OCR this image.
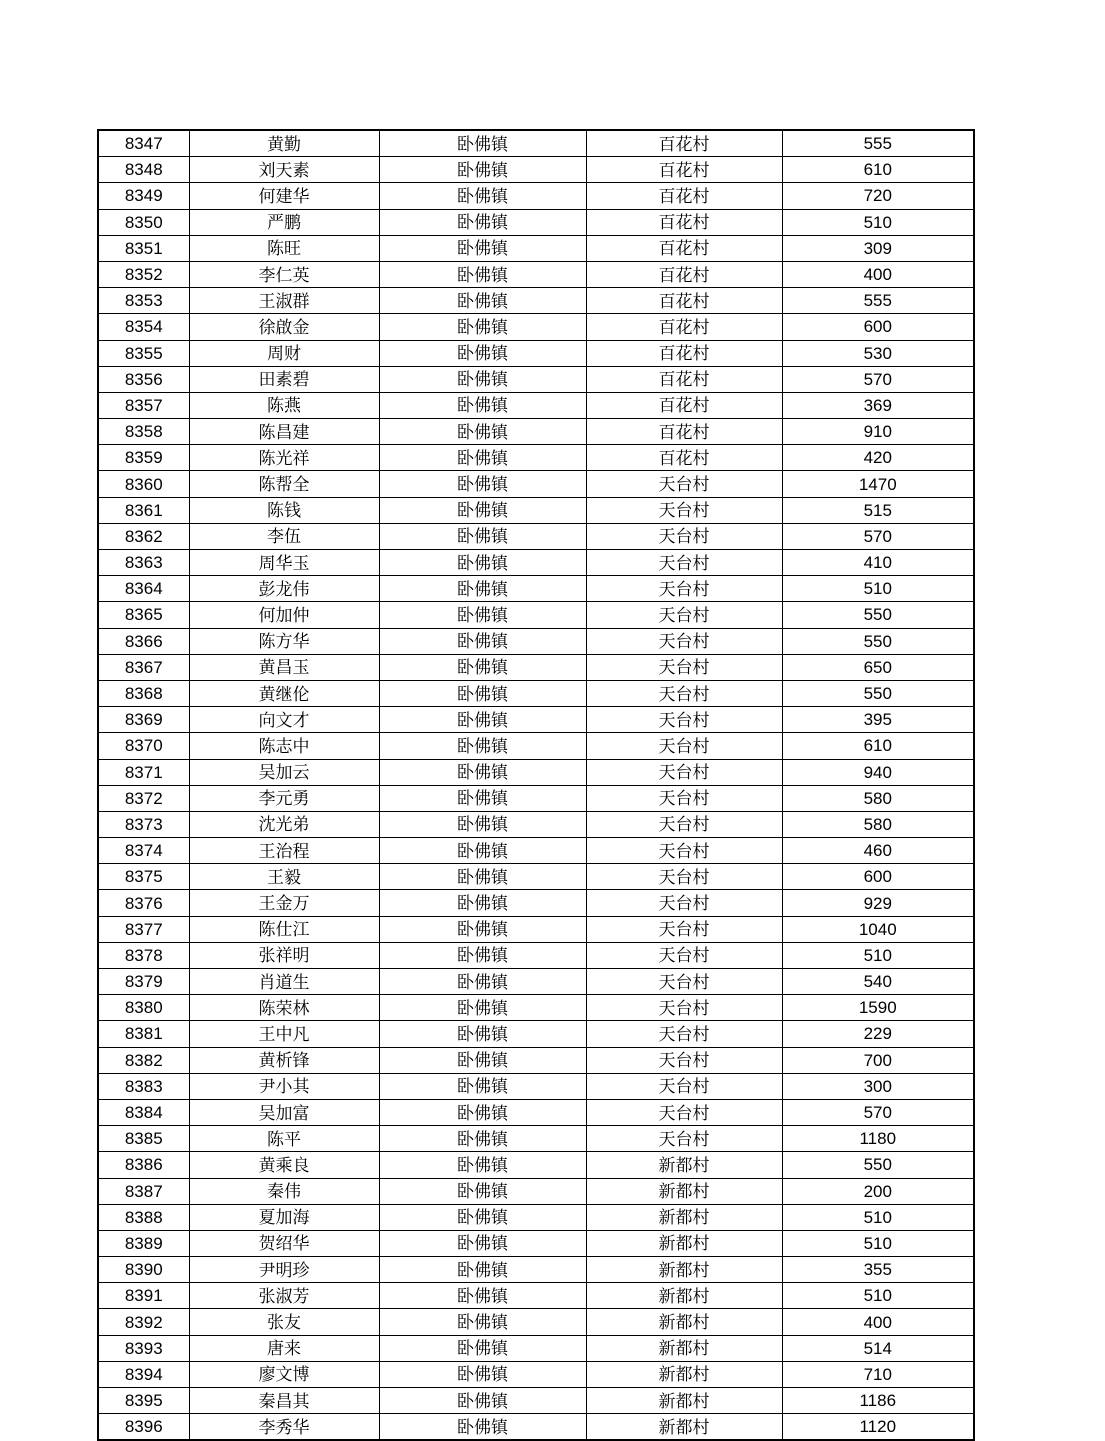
8347	黄勤	卧佛镇	百花村	555
8348	刘天素	卧佛镇	百花村	610
8349	何建华	卧佛镇	百花村	720
8350	严鹏	卧佛镇	百花村	510
8351	陈旺	卧佛镇	百花村	309
8352	李仁英	卧佛镇	百花村	400
8353	王淑群	卧佛镇	百花村	555
8354	徐啟金	卧佛镇	百花村	600
8355	周财	卧佛镇	百花村	530
8356	田素碧	卧佛镇	百花村	570
8357	陈燕	卧佛镇	百花村	369
8358	陈昌建	卧佛镇	百花村	910
8359	陈光祥	卧佛镇	百花村	420
8360	陈帮全	卧佛镇	天台村	1470
8361	陈钱	卧佛镇	天台村	515
8362	李伍	卧佛镇	天台村	570
8363	周华玉	卧佛镇	天台村	410
8364	彭龙伟	卧佛镇	天台村	510
8365	何加仲	卧佛镇	天台村	550
8366	陈方华	卧佛镇	天台村	550
8367	黄昌玉	卧佛镇	天台村	650
8368	黄继伦	卧佛镇	天台村	550
8369	向文才	卧佛镇	天台村	395
8370	陈志中	卧佛镇	天台村	610
8371	吴加云	卧佛镇	天台村	940
8372	李元勇	卧佛镇	天台村	580
8373	沈光弟	卧佛镇	天台村	580
8374	王治程	卧佛镇	天台村	460
8375	王毅	卧佛镇	天台村	600
8376	王金万	卧佛镇	天台村	929
8377	陈仕江	卧佛镇	天台村	1040
8378	张祥明	卧佛镇	天台村	510
8379	肖道生	卧佛镇	天台村	540
8380	陈荣林	卧佛镇	天台村	1590
8381	王中凡	卧佛镇	天台村	229
8382	黄析锋	卧佛镇	天台村	700
8383	尹小其	卧佛镇	天台村	300
8384	吴加富	卧佛镇	天台村	570
8385	陈平	卧佛镇	天台村	1180
8386	黄乘良	卧佛镇	新都村	550
8387	秦伟	卧佛镇	新都村	200
8388	夏加海	卧佛镇	新都村	510
8389	贺绍华	卧佛镇	新都村	510
8390	尹明珍	卧佛镇	新都村	355
8391	张淑芳	卧佛镇	新都村	510
8392	张友	卧佛镇	新都村	400
8393	唐来	卧佛镇	新都村	514
8394	廖文博	卧佛镇	新都村	710
8395	秦昌其	卧佛镇	新都村	1186
8396	李秀华	卧佛镇	新都村	1120
